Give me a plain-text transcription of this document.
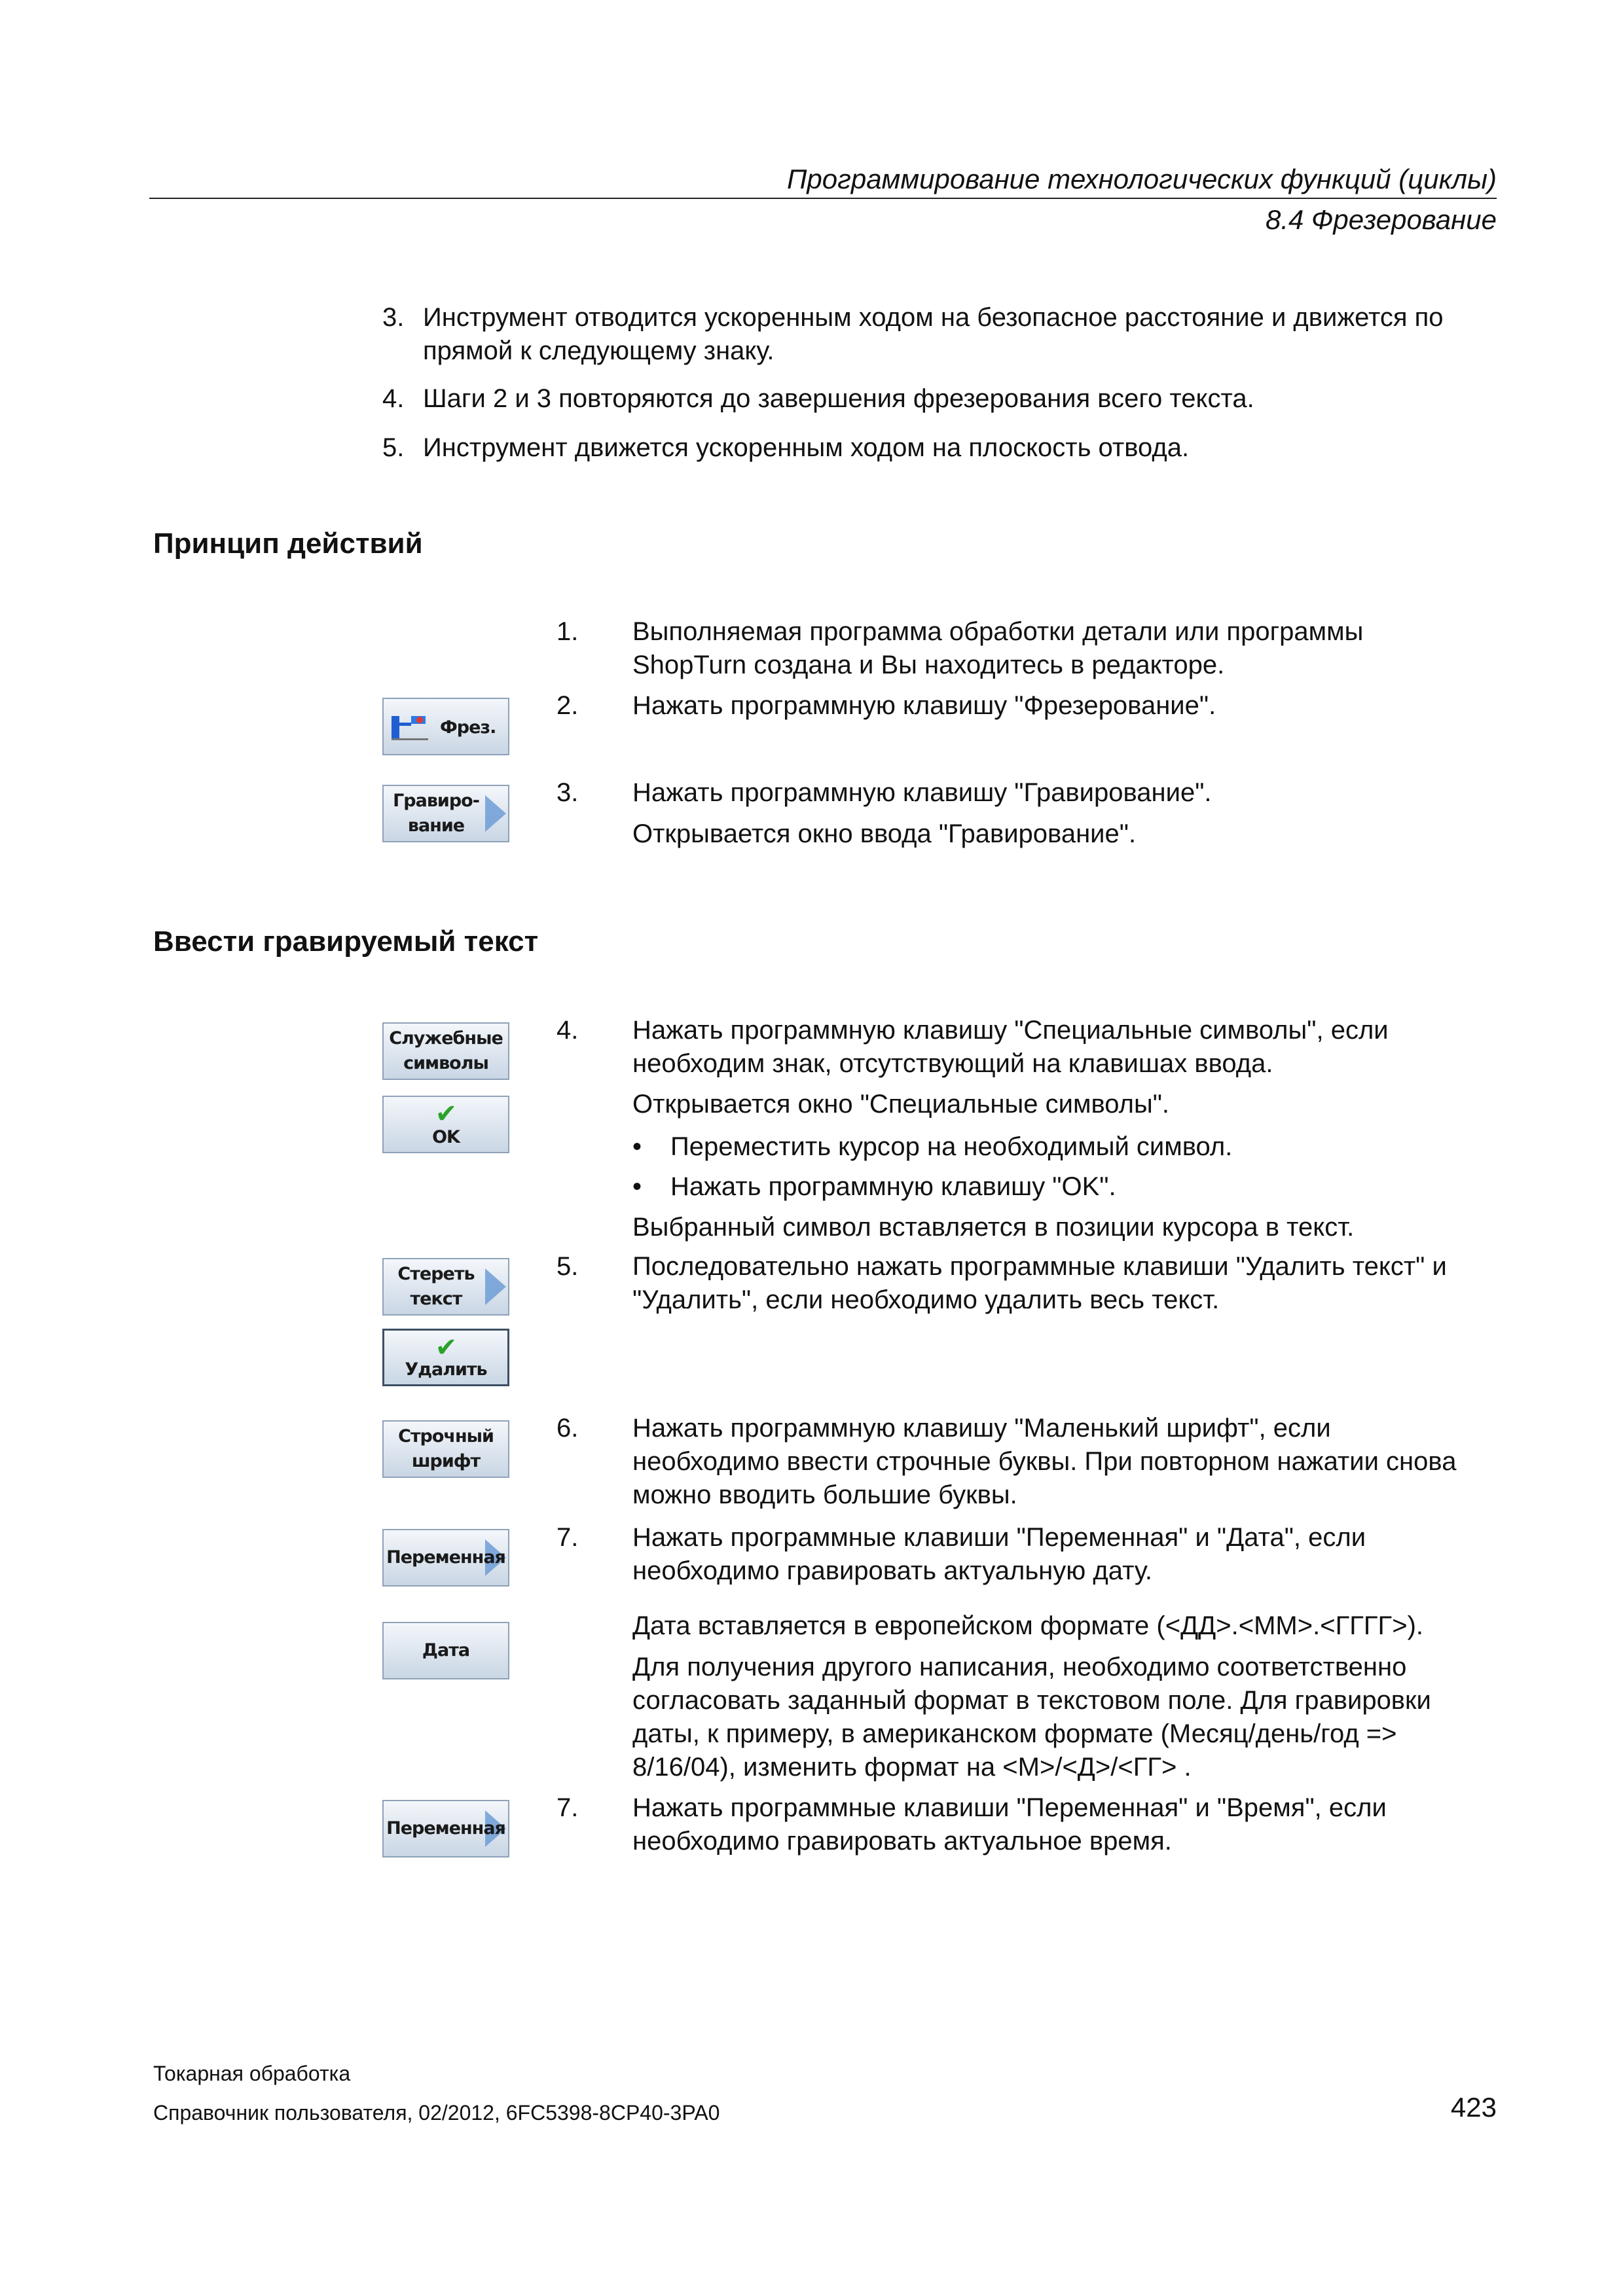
Программирование технологических функций (циклы)
8.4 Фрезерование
3. Инструмент отводится ускоренным ходом на безопасное расстояние и движется по
прямой к следующему знаку.
4. Шаги 2 и 3 повторяются до завершения фрезерования всего текста.
5. Инструмент движется ускоренным ходом на плоскость отвода.
Принцип действий
1. Выполняемая программа обработки детали или программы
ShopTurn создана и Вы находитесь в редакторе.
Фрез.
2. Нажать программную клавишу "Фрезерование".
Гравиро-
вание
3. Нажать программную клавишу "Гравирование".
Открывается окно ввода "Гравирование".
Ввести гравируемый текст
Служебные
символы
✔
OK
4. Нажать программную клавишу "Специальные символы", если
необходим знак, отсутствующий на клавишах ввода.
Открывается окно "Специальные символы".
• Переместить курсор на необходимый символ.
• Нажать программную клавишу "OK".
Выбранный символ вставляется в позиции курсора в текст.
Стереть
текст
✔
Удалить
5. Последовательно нажать программные клавиши "Удалить текст" и
"Удалить", если необходимо удалить весь текст.
Строчный
шрифт
6. Нажать программную клавишу "Маленький шрифт", если
необходимо ввести строчные буквы. При повторном нажатии снова
можно вводить большие буквы.
Переменная
7. Нажать программные клавиши "Переменная" и "Дата", если
необходимо гравировать актуальную дату.
Дата
Дата вставляется в европейском формате (<ДД>.<ММ>.<ГГГГ>).
Для получения другого написания, необходимо соответственно
согласовать заданный формат в текстовом поле. Для гравировки
даты, к примеру, в американском формате (Месяц/день/год =>
8/16/04), изменить формат на <M>/<Д>/<ГГ> .
Переменная
7. Нажать программные клавиши "Переменная" и "Время", если
необходимо гравировать актуальное время.
Токарная обработка
Справочник пользователя, 02/2012, 6FC5398-8CP40-3PA0	423
